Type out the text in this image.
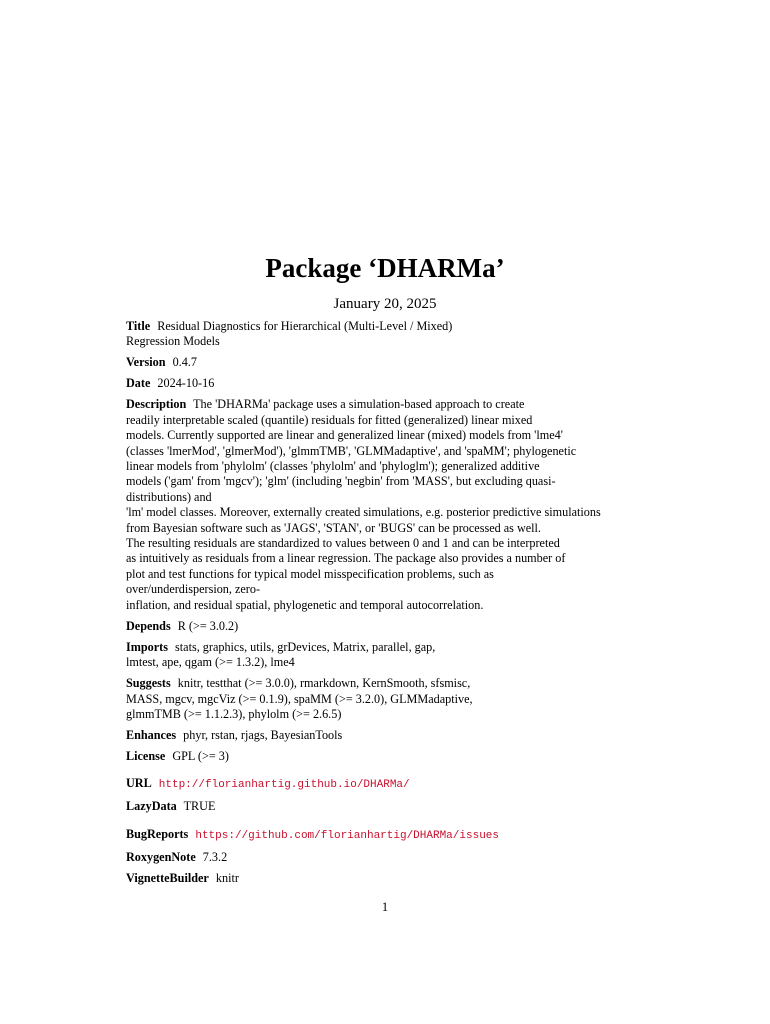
Package ‘DHARMa’
January 20, 2025
Title Residual Diagnostics for Hierarchical (Multi-Level / Mixed)
Regression Models
Version 0.4.7
Date 2024-10-16
Description The 'DHARMa' package uses a simulation-based approach to create
readily interpretable scaled (quantile) residuals for fitted (generalized) linear mixed
models. Currently supported are linear and generalized linear (mixed) models from 'lme4'
(classes 'lmerMod', 'glmerMod'), 'glmmTMB', 'GLMMadaptive', and 'spaMM'; phylogenetic
linear models from 'phylolm' (classes 'phylolm' and 'phyloglm'); generalized additive
models ('gam' from 'mgcv'); 'glm' (including 'negbin' from 'MASS', but excluding quasi-
distributions) and
'lm' model classes. Moreover, externally created simulations, e.g. posterior predictive simulations
from Bayesian software such as 'JAGS', 'STAN', or 'BUGS' can be processed as well.
The resulting residuals are standardized to values between 0 and 1 and can be interpreted
as intuitively as residuals from a linear regression. The package also provides a number of
plot and test functions for typical model misspecification problems, such as
over/underdispersion, zero-
inflation, and residual spatial, phylogenetic and temporal autocorrelation.
Depends R (>= 3.0.2)
Imports stats, graphics, utils, grDevices, Matrix, parallel, gap,
lmtest, ape, qgam (>= 1.3.2), lme4
Suggests knitr, testthat (>= 3.0.0), rmarkdown, KernSmooth, sfsmisc,
MASS, mgcv, mgcViz (>= 0.1.9), spaMM (>= 3.2.0), GLMMadaptive,
glmmTMB (>= 1.1.2.3), phylolm (>= 2.6.5)
Enhances phyr, rstan, rjags, BayesianTools
License GPL (>= 3)
URL http://florianhartig.github.io/DHARMa/
LazyData TRUE
BugReports https://github.com/florianhartig/DHARMa/issues
RoxygenNote 7.3.2
VignetteBuilder knitr
1
